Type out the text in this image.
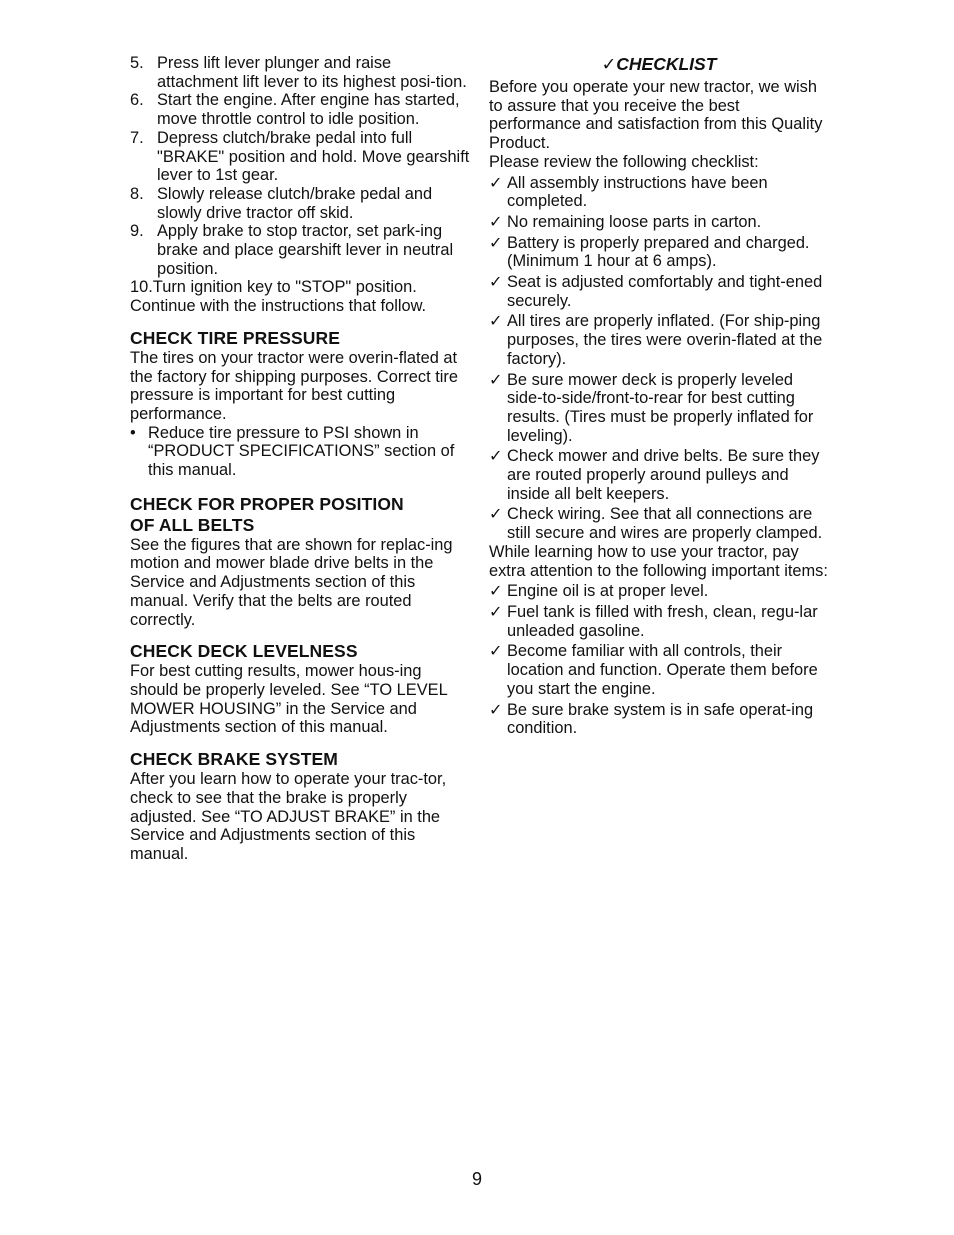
5. Press lift lever plunger and raise attachment lift lever to its highest posi-tion.
6. Start the engine. After engine has started, move throttle control to idle position.
7. Depress clutch/brake pedal into full "BRAKE" position and hold. Move gearshift lever to 1st gear.
8. Slowly release clutch/brake pedal and slowly drive tractor off skid.
9. Apply brake to stop tractor, set park-ing brake and place gearshift lever in neutral position.
10.Turn ignition key to "STOP" position. Continue with the instructions that follow.
CHECK TIRE PRESSURE

The tires on your tractor were overin-flated at the factory for shipping purposes. Correct tire pressure is important for best cutting performance.

• Reduce tire pressure to PSI shown in “PRODUCT SPECIFICATIONS” section of this manual.
CHECK FOR PROPER POSITION
OF ALL BELTS

See the figures that are shown for replac-ing motion and mower blade drive belts in the Service and Adjustments section of this manual. Verify that the belts are routed correctly.

CHECK DECK LEVELNESS

For best cutting results, mower hous-ing should be properly leveled. See “TO LEVEL MOWER HOUSING” in the Service and Adjustments section of this manual.

CHECK BRAKE SYSTEM

After you learn how to operate your trac-tor, check to see that the brake is properly adjusted. See “TO ADJUST BRAKE” in the Service and Adjustments section of this manual.

✓CHECKLIST

Before you operate your new tractor, we wish to assure that you receive the best performance and satisfaction from this Quality Product.

Please review the following checklist:

✓ All assembly instructions have been completed.
✓ No remaining loose parts in carton.
✓ Battery is properly prepared and charged. (Minimum 1 hour at 6 amps).
✓ Seat is adjusted comfortably and tight-ened securely.
✓ All tires are properly inflated. (For ship-ping purposes, the tires were overin-flated at the factory).
✓ Be sure mower deck is properly leveled side-to-side/front-to-rear for best cutting results. (Tires must be properly inflated for leveling).
✓ Check mower and drive belts. Be sure they are routed properly around pulleys and inside all belt keepers.
✓ Check wiring. See that all connections are still secure and wires are properly clamped.

While learning how to use your tractor, pay extra attention to the following important items:

✓ Engine oil is at proper level.
✓ Fuel tank is filled with fresh, clean, regu-lar unleaded gasoline.
✓ Become familiar with all controls, their location and function. Operate them before you start the engine.
✓ Be sure brake system is in safe operat-ing condition.
9
